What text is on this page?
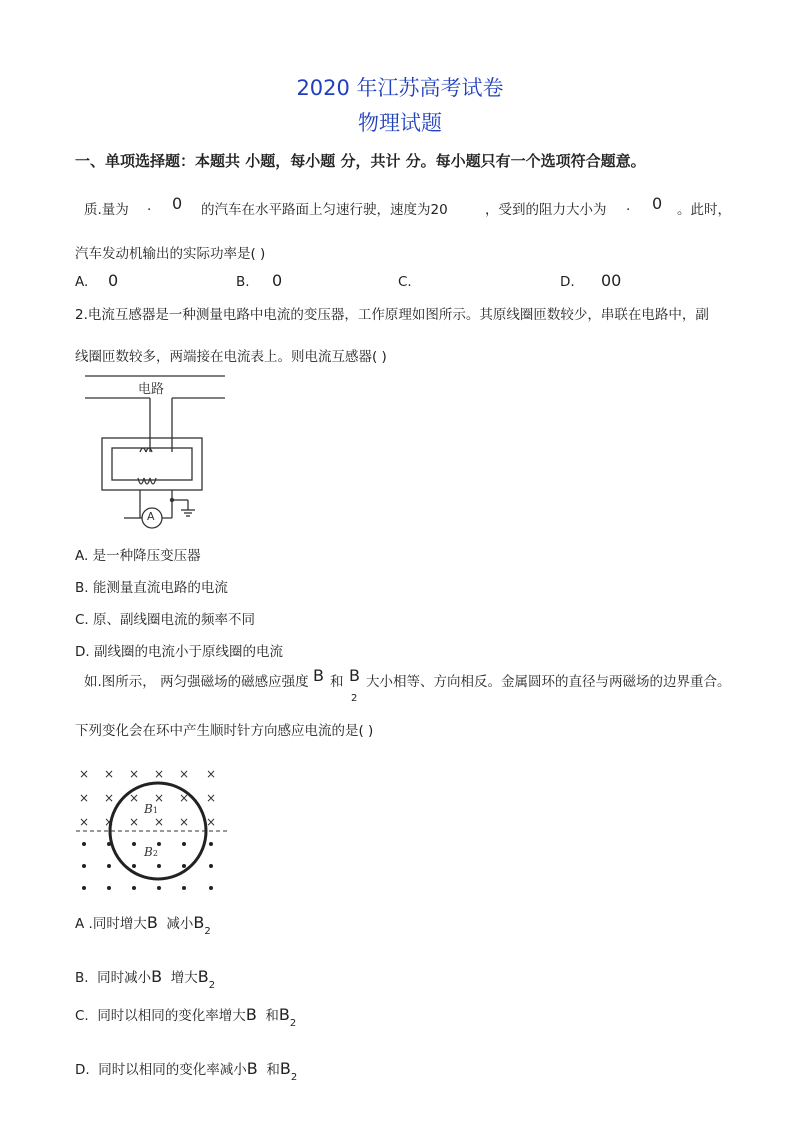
2020 年江苏高考试卷
物理试题
一、单项选择题：本题共 小题，每小题 分，共计 分。每小题只有一个选项符合题意。
质.量为 . 0 的汽车在水平路面上匀速行驶，速度为20	，受到的阻力大小为 . 0 。此时，
汽车发动机输出的实际功率是( )
A. 0	B. 0	C.	D. 00
2.电流互感器是一种测量电路中电流的变压器，工作原理如图所示。其原线圈匝数较少，串联在电路中，副
线圈匝数较多，两端接在电流表上。则电流互感器( )
电路
A
A. 是一种降压变压器
B. 能测量直流电路的电流
C. 原、副线圈电流的频率不同
D. 副线圈的电流小于原线圈的电流
如.图所示， 两匀强磁场的磁感应强度 B 和 B 大小相等、方向相反。金属圆环的直径与两磁场的边界重合。
2
下列变化会在环中产生顺时针方向感应电流的是( )
× × × × × ×
× × × × × ×
× × × × × ×
B1
B2
A .同时增大B 减小$B_2$
B. 同时减小B 增大$B_2$
C. 同时以相同的变化率增大B 和$B_2$
D. 同时以相同的变化率减小B 和$B_2$
